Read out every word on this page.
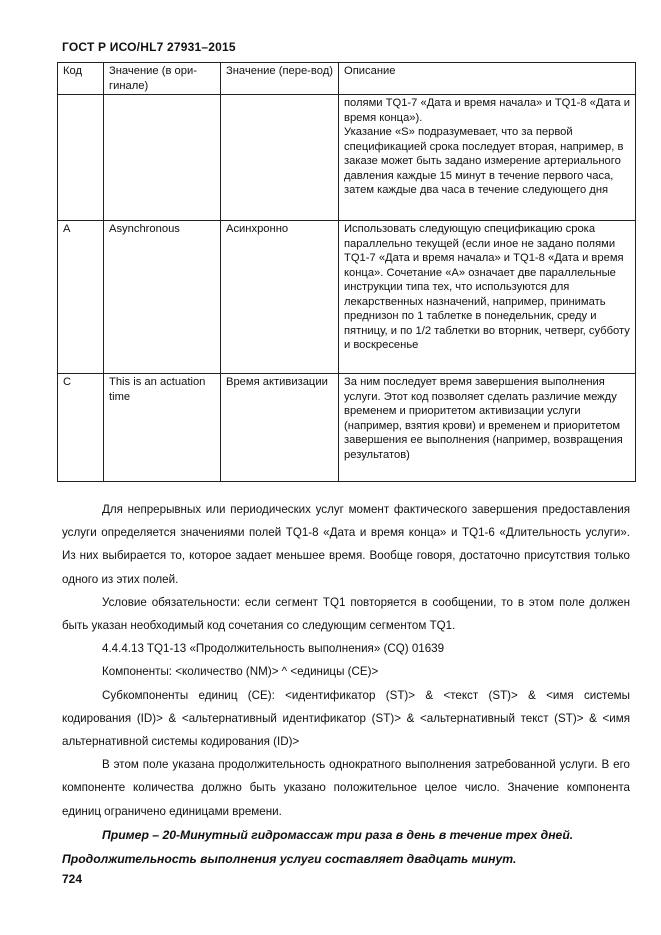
ГОСТ Р ИСО/HL7 27931–2015
Код	Значение (в ори-гинале)	Значение (пере-вод)	Описание

			полями TQ1-7 «Дата и время начала» и TQ1-8 «Дата и время конца»).

Указание «S» подразумевает, что за первой спецификацией срока последует вторая, например, в заказе может быть задано измерение артериального давления каждые 15 минут в течение первого часа, затем каждые два часа в течение следующего дня

A	Asynchronous	Асинхронно	Использовать следующую спецификацию срока параллельно текущей (если иное не задано полями TQ1-7 «Дата и время начала» и TQ1-8 «Дата и время конца». Сочетание «A» означает две параллельные инструкции типа тех, что используются для лекарственных назначений, например, принимать преднизон по 1 таблетке в понедельник, среду и пятницу, и по 1/2 таблетки во вторник, четверг, субботу и воскресенье

C	This is an actuation time	Время активизации	За ним последует время завершения выполнения услуги. Этот код позволяет сделать различие между временем и приоритетом активизации услуги (например, взятия крови) и временем и приоритетом завершения ее выполнения (например, возвращения результатов)

Для непрерывных или периодических услуг момент фактического завершения предоставления услуги определяется значениями полей TQ1-8 «Дата и время конца» и TQ1-6 «Длительность услуги». Из них выбирается то, которое задает меньшее время. Вообще говоря, достаточно присутствия только одного из этих полей.

Условие обязательности: если сегмент TQ1 повторяется в сообщении, то в этом поле должен быть указан необходимый код сочетания со следующим сегментом TQ1.

4.4.4.13 TQ1-13 «Продолжительность выполнения» (CQ) 01639

Компоненты: <количество (NM)> ^ <единицы (CE)>

Субкомпоненты единиц (CE): <идентификатор (ST)> & <текст (ST)> & <имя системы кодирования (ID)> & <альтернативный идентификатор (ST)> & <альтернативный текст (ST)> & <имя альтернативной системы кодирования (ID)>

В этом поле указана продолжительность однократного выполнения затребованной услуги. В его компоненте количества должно быть указано положительное целое число. Значение компонента единиц ограничено единицами времени.

Пример – 20-Минутный гидромассаж три раза в день в течение трех дней.

Продолжительность выполнения услуги составляет двадцать минут.

724
